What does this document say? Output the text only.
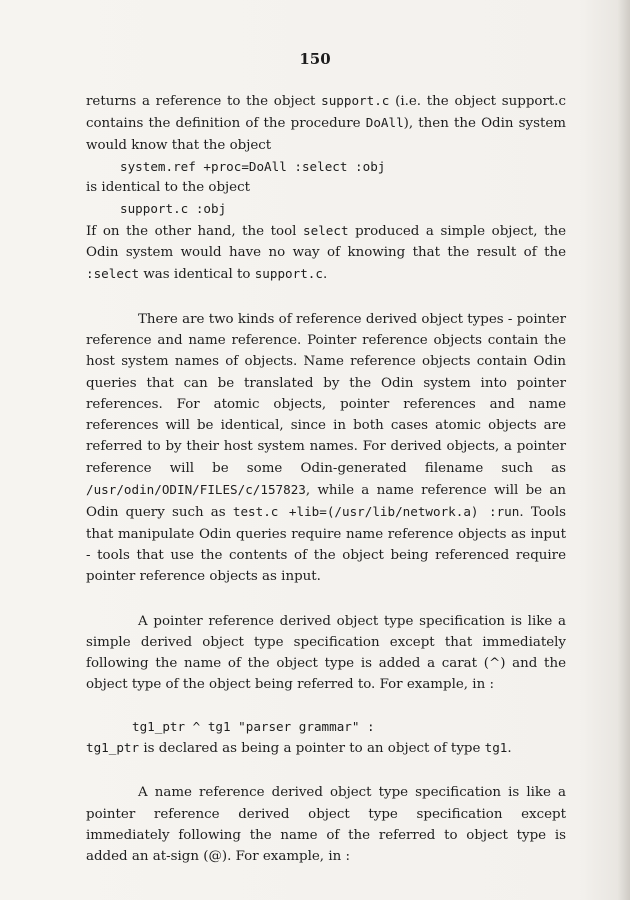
150

returns a reference to the object support.c (i.e. the object support.c contains the definition of the procedure DoAll), then the Odin system would know that the object

system.ref +proc=DoAll :select :obj

is identical to the object

support.c :obj

If on the other hand, the tool select produced a simple object, the Odin system would have no way of knowing that the result of the :select was identical to support.c.

There are two kinds of reference derived object types - pointer reference and name reference. Pointer reference objects contain the host system names of objects. Name reference objects contain Odin queries that can be translated by the Odin system into pointer references. For atomic objects, pointer references and name references will be identical, since in both cases atomic objects are referred to by their host system names. For derived objects, a pointer reference will be some Odin-generated filename such as /usr/odin/ODIN/FILES/c/157823, while a name reference will be an Odin query such as test.c +lib=(/usr/lib/network.a) :run. Tools that manipulate Odin queries require name reference objects as input - tools that use the contents of the object being referenced require pointer reference objects as input.

A pointer reference derived object type specification is like a simple derived object type specification except that immediately following the name of the object type is added a carat (^) and the object type of the object being referred to. For example, in :

tg1_ptr ^ tg1 "parser grammar" :

tg1_ptr is declared as being a pointer to an object of type tg1.

A name reference derived object type specification is like a pointer reference derived object type specification except immediately following the name of the referred to object type is added an at-sign (@). For example, in :
